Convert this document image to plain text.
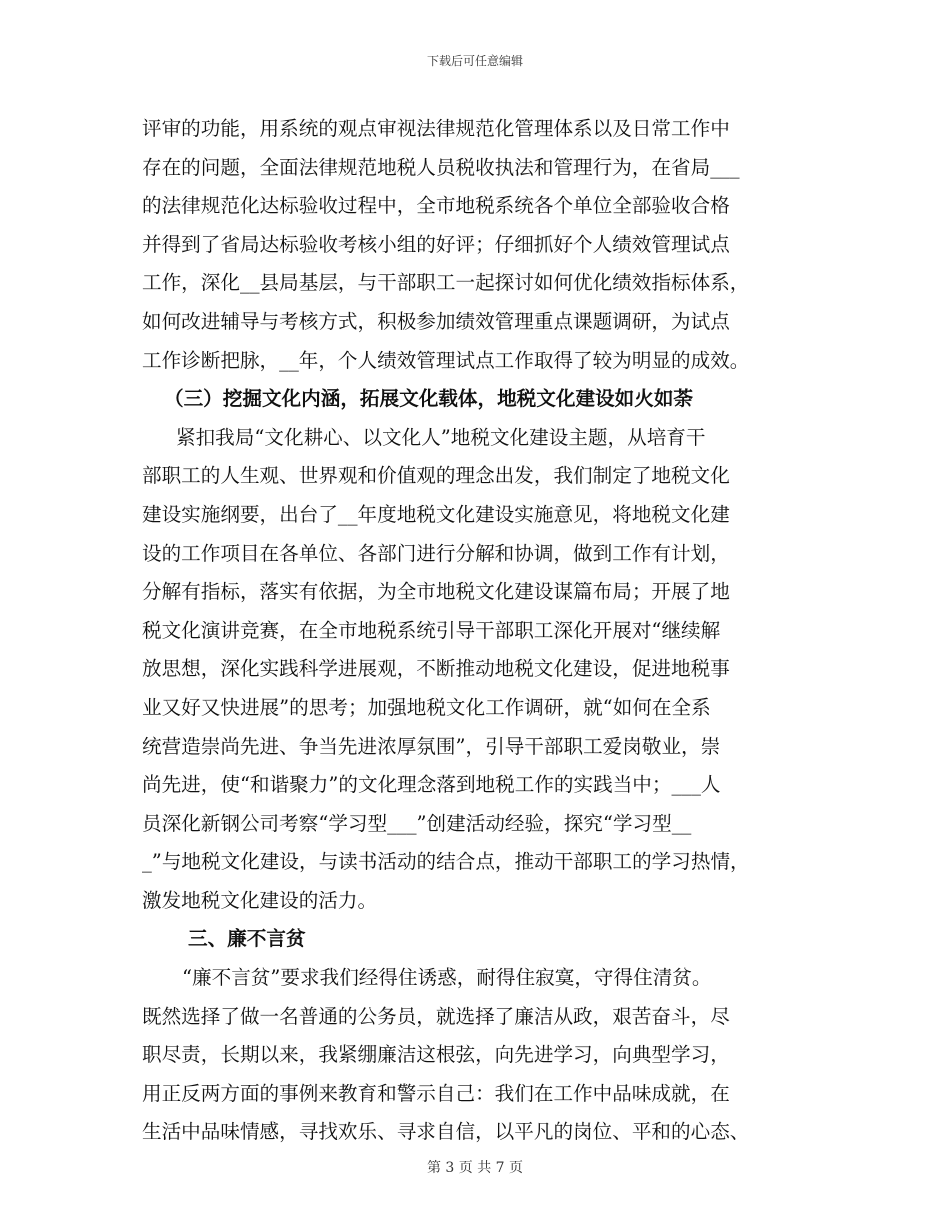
下载后可任意编辑
评审的功能，用系统的观点审视法律规范化管理体系以及日常工作中
存在的问题，全面法律规范地税人员税收执法和管理行为，在省局___
的法律规范化达标验收过程中，全市地税系统各个单位全部验收合格
并得到了省局达标验收考核小组的好评；仔细抓好个人绩效管理试点
工作，深化__县局基层，与干部职工一起探讨如何优化绩效指标体系，
如何改进辅导与考核方式，积极参加绩效管理重点课题调研，为试点
工作诊断把脉，__年，个人绩效管理试点工作取得了较为明显的成效。
（三）挖掘文化内涵，拓展文化载体，地税文化建设如火如荼
紧扣我局“文化耕心、以文化人”地税文化建设主题，从培育干
部职工的人生观、世界观和价值观的理念出发，我们制定了地税文化
建设实施纲要，出台了__年度地税文化建设实施意见，将地税文化建
设的工作项目在各单位、各部门进行分解和协调，做到工作有计划，
分解有指标，落实有依据，为全市地税文化建设谋篇布局；开展了地
税文化演讲竞赛，在全市地税系统引导干部职工深化开展对“继续解
放思想，深化实践科学进展观，不断推动地税文化建设，促进地税事
业又好又快进展”的思考；加强地税文化工作调研，就“如何在全系
统营造崇尚先进、争当先进浓厚氛围”，引导干部职工爱岗敬业，崇
尚先进，使“和谐聚力”的文化理念落到地税工作的实践当中；___人
员深化新钢公司考察“学习型___”创建活动经验，探究“学习型__
_”与地税文化建设，与读书活动的结合点，推动干部职工的学习热情，
激发地税文化建设的活力。
三、廉不言贫
“廉不言贫”要求我们经得住诱惑，耐得住寂寞，守得住清贫。
既然选择了做一名普通的公务员，就选择了廉洁从政，艰苦奋斗，尽
职尽责，长期以来，我紧绷廉洁这根弦，向先进学习，向典型学习，
用正反两方面的事例来教育和警示自己：我们在工作中品味成就，在
生活中品味情感，寻找欢乐、寻求自信，以平凡的岗位、平和的心态、
第 3 页 共 7 页
